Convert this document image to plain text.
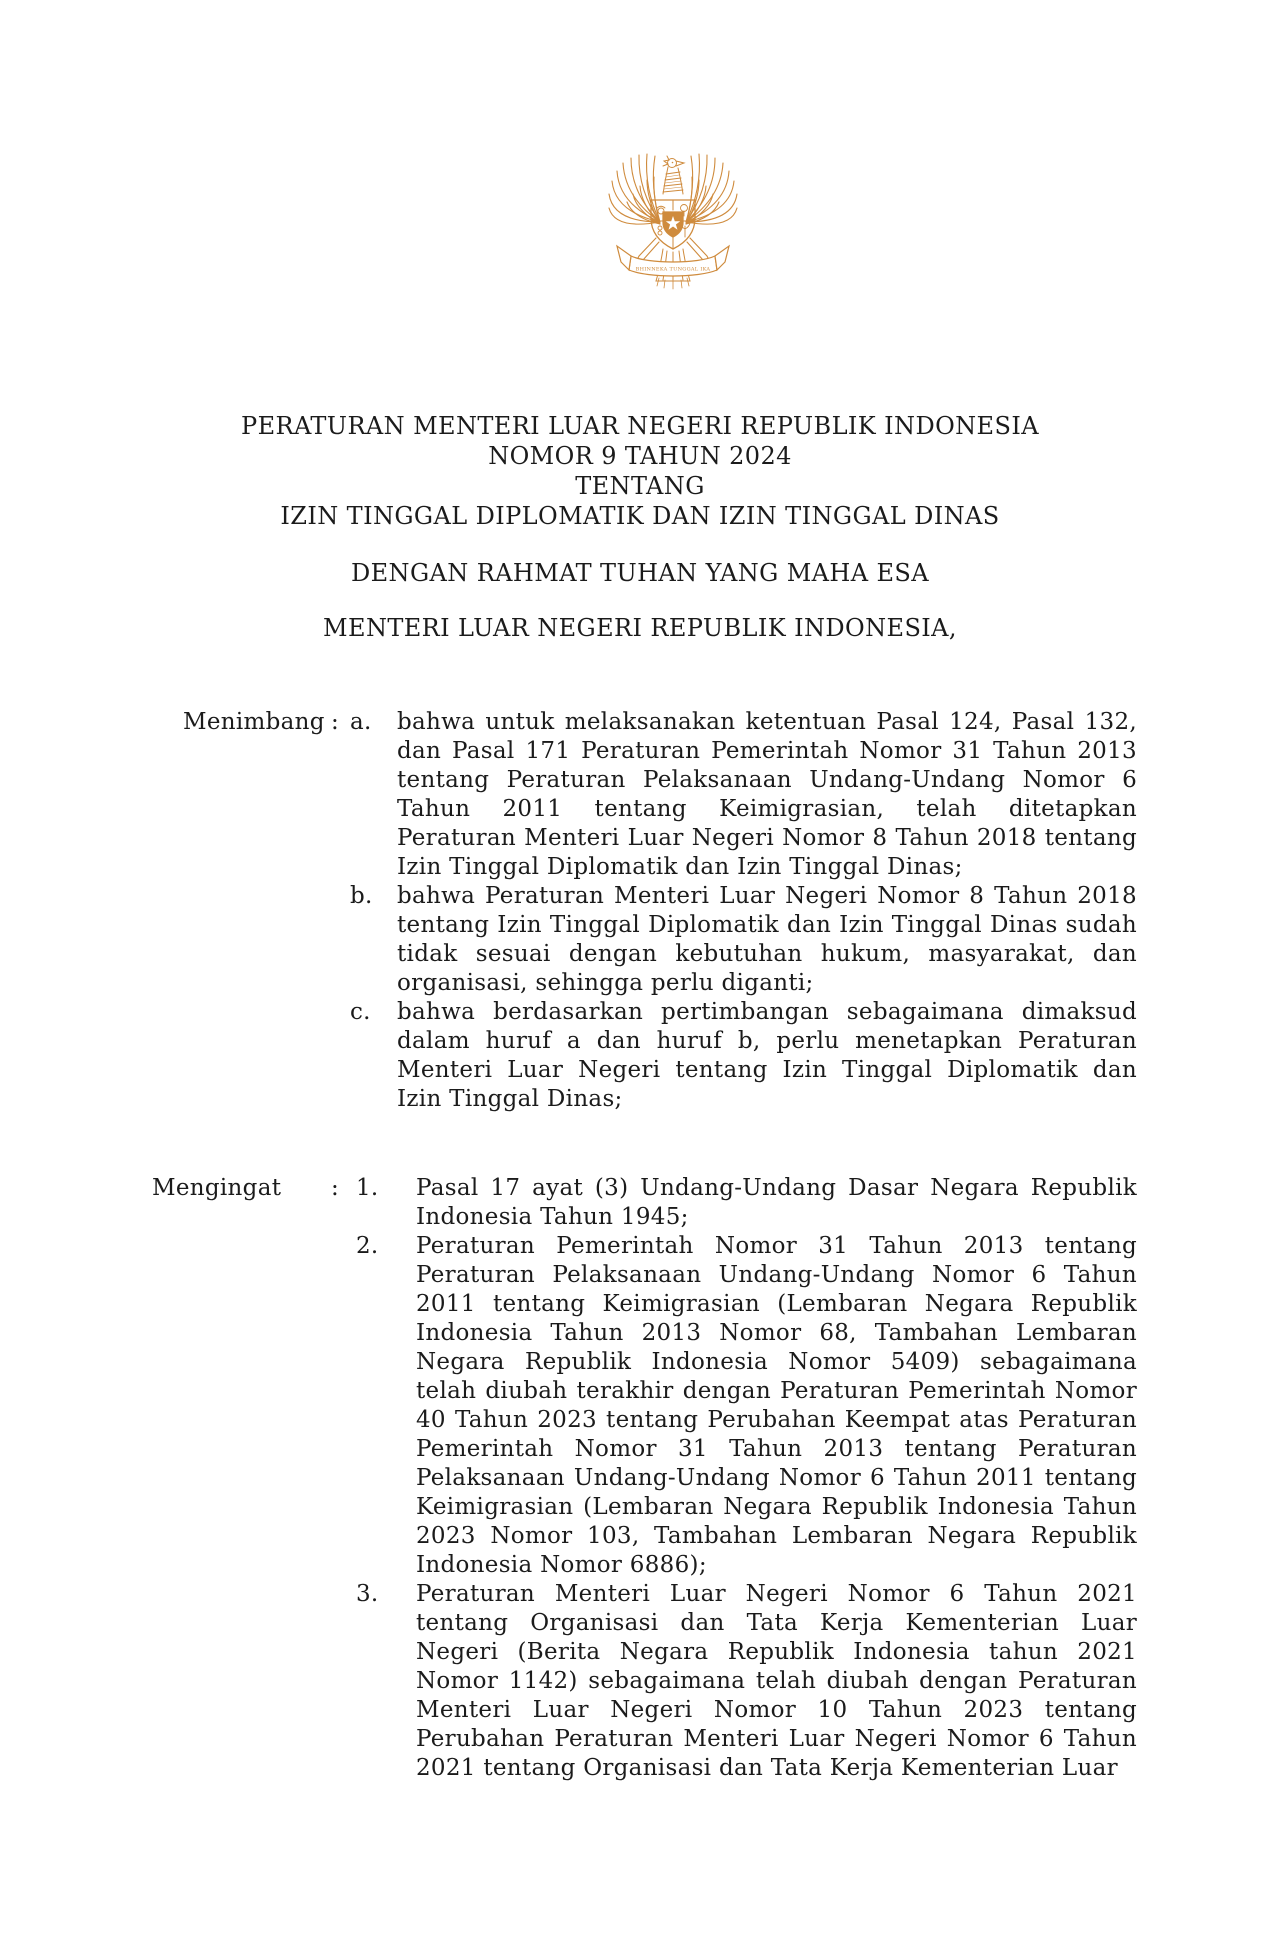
BHINNEKA TUNGGAL IKA
PERATURAN MENTERI LUAR NEGERI REPUBLIK INDONESIA
NOMOR 9 TAHUN 2024
TENTANG
IZIN TINGGAL DIPLOMATIK DAN IZIN TINGGAL DINAS
DENGAN RAHMAT TUHAN YANG MAHA ESA
MENTERI LUAR NEGERI REPUBLIK INDONESIA,
Menimbang : a.	bahwa untuk melaksanakan ketentuan Pasal 124, Pasal 132, dan Pasal 171 Peraturan Pemerintah Nomor 31 Tahun 2013 tentang Peraturan Pelaksanaan Undang-Undang Nomor 6 Tahun 2011 tentang Keimigrasian, telah ditetapkan Peraturan Menteri Luar Negeri Nomor 8 Tahun 2018 tentang Izin Tinggal Diplomatik dan Izin Tinggal Dinas;
b.	bahwa Peraturan Menteri Luar Negeri Nomor 8 Tahun 2018 tentang Izin Tinggal Diplomatik dan Izin Tinggal Dinas sudah tidak sesuai dengan kebutuhan hukum, masyarakat, dan organisasi, sehingga perlu diganti;
c.	bahwa berdasarkan pertimbangan sebagaimana dimaksud dalam huruf a dan huruf b, perlu menetapkan Peraturan Menteri Luar Negeri tentang Izin Tinggal Diplomatik dan Izin Tinggal Dinas;
Mengingat	: 1.	Pasal 17 ayat (3) Undang-Undang Dasar Negara Republik Indonesia Tahun 1945;
2.	Peraturan Pemerintah Nomor 31 Tahun 2013 tentang Peraturan Pelaksanaan Undang-Undang Nomor 6 Tahun 2011 tentang Keimigrasian (Lembaran Negara Republik Indonesia Tahun 2013 Nomor 68, Tambahan Lembaran Negara Republik Indonesia Nomor 5409) sebagaimana telah diubah terakhir dengan Peraturan Pemerintah Nomor 40 Tahun 2023 tentang Perubahan Keempat atas Peraturan Pemerintah Nomor 31 Tahun 2013 tentang Peraturan Pelaksanaan Undang-Undang Nomor 6 Tahun 2011 tentang Keimigrasian (Lembaran Negara Republik Indonesia Tahun 2023 Nomor 103, Tambahan Lembaran Negara Republik Indonesia Nomor 6886);
3.	Peraturan Menteri Luar Negeri Nomor 6 Tahun 2021 tentang Organisasi dan Tata Kerja Kementerian Luar Negeri (Berita Negara Republik Indonesia tahun 2021 Nomor 1142) sebagaimana telah diubah dengan Peraturan Menteri Luar Negeri Nomor 10 Tahun 2023 tentang Perubahan Peraturan Menteri Luar Negeri Nomor 6 Tahun 2021 tentang Organisasi dan Tata Kerja Kementerian Luar
